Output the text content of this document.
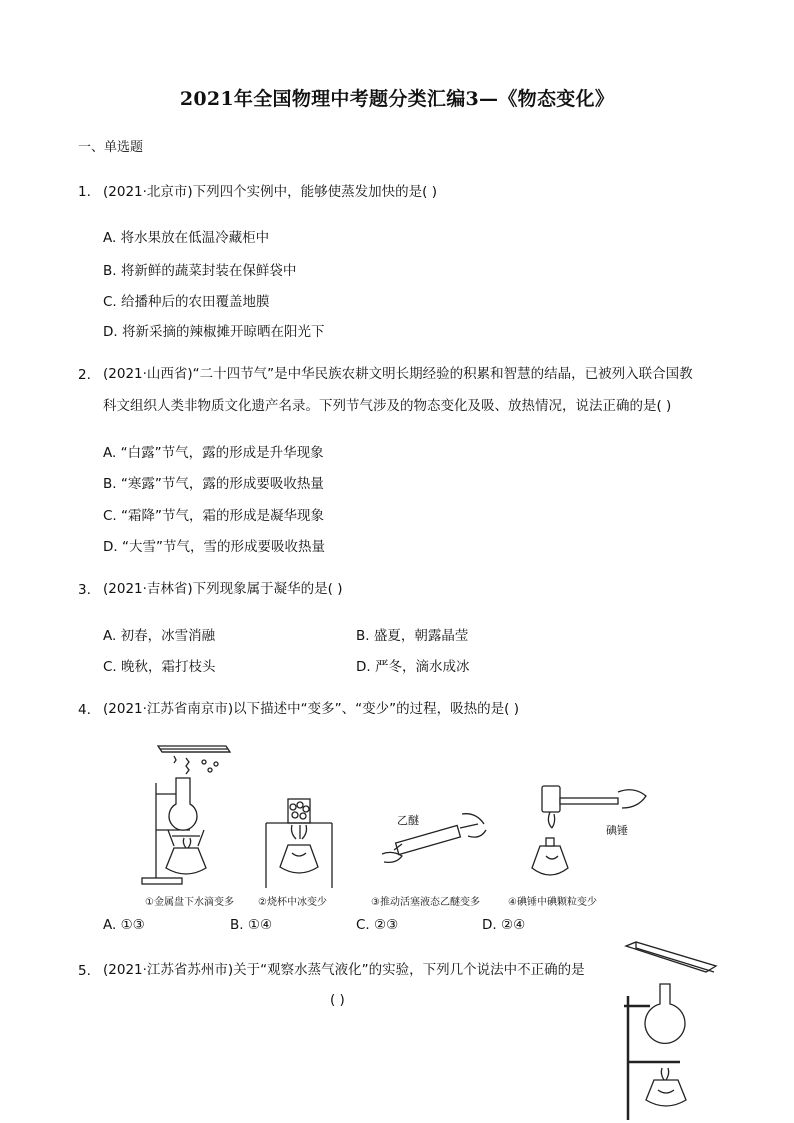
2021年全国物理中考题分类汇编3—《物态变化》
一、单选题
1. (2021·北京市)下列四个实例中，能够使蒸发加快的是( )
A. 将水果放在低温冷藏柜中
B. 将新鲜的蔬菜封装在保鲜袋中
C. 给播种后的农田覆盖地膜
D. 将新采摘的辣椒摊开晾晒在阳光下
2. (2021·山西省)“二十四节气”是中华民族农耕文明长期经验的积累和智慧的结晶，已被列入联合国教
科文组织人类非物质文化遗产名录。下列节气涉及的物态变化及吸、放热情况，说法正确的是( )
A. “白露”节气，露的形成是升华现象
B. “寒露”节气，露的形成要吸收热量
C. “霜降”节气，霜的形成是凝华现象
D. “大雪”节气，雪的形成要吸收热量
3. (2021·吉林省)下列现象属于凝华的是( )
A. 初春，冰雪消融	B. 盛夏，朝露晶莹
C. 晚秋，霜打枝头	D. 严冬，滴水成冰
4. (2021·江苏省南京市)以下描述中“变多”、“变少”的过程，吸热的是( )
乙醚
碘锤
①金属盘下水滴变多 ②烧杯中冰变少	③推动活塞液态乙醚变多	④碘锤中碘颗粒变少
A. ①③	B. ①④	C. ②③	D. ②④
5. (2021·江苏省苏州市)关于“观察水蒸气液化”的实验，下列几个说法中不正确的是
( )
